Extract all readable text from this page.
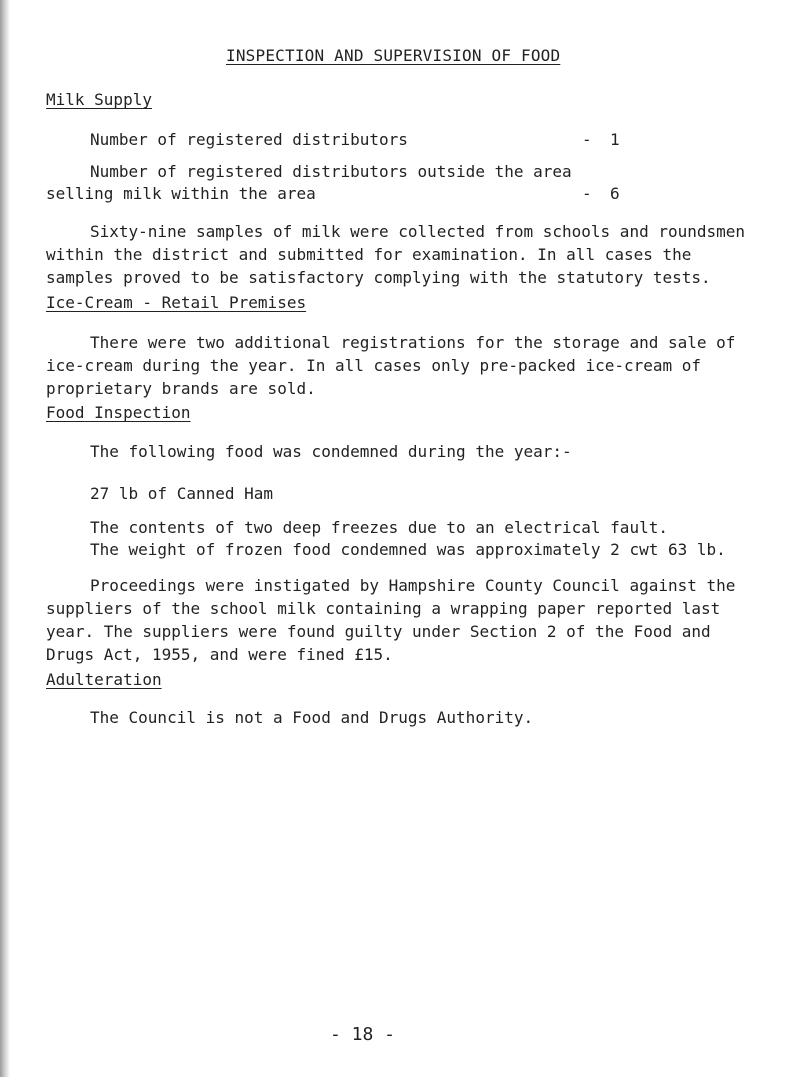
INSPECTION AND SUPERVISION OF FOOD
Milk Supply
Number of registered distributors	- 1
Number of registered distributors outside the area
selling milk within the area	- 6
Sixty-nine samples of milk were collected from schools and roundsmen within the district and submitted for examination. In all cases the samples proved to be satisfactory complying with the statutory tests.
Ice-Cream - Retail Premises
There were two additional registrations for the storage and sale of ice-cream during the year. In all cases only pre-packed ice-cream of proprietary brands are sold.
Food Inspection
The following food was condemned during the year:-
27 lb of Canned Ham
The contents of two deep freezes due to an electrical fault.
The weight of frozen food condemned was approximately 2 cwt 63 lb.
Proceedings were instigated by Hampshire County Council against the suppliers of the school milk containing a wrapping paper reported last year. The suppliers were found guilty under Section 2 of the Food and Drugs Act, 1955, and were fined £15.
Adulteration
The Council is not a Food and Drugs Authority.
- 18 -
